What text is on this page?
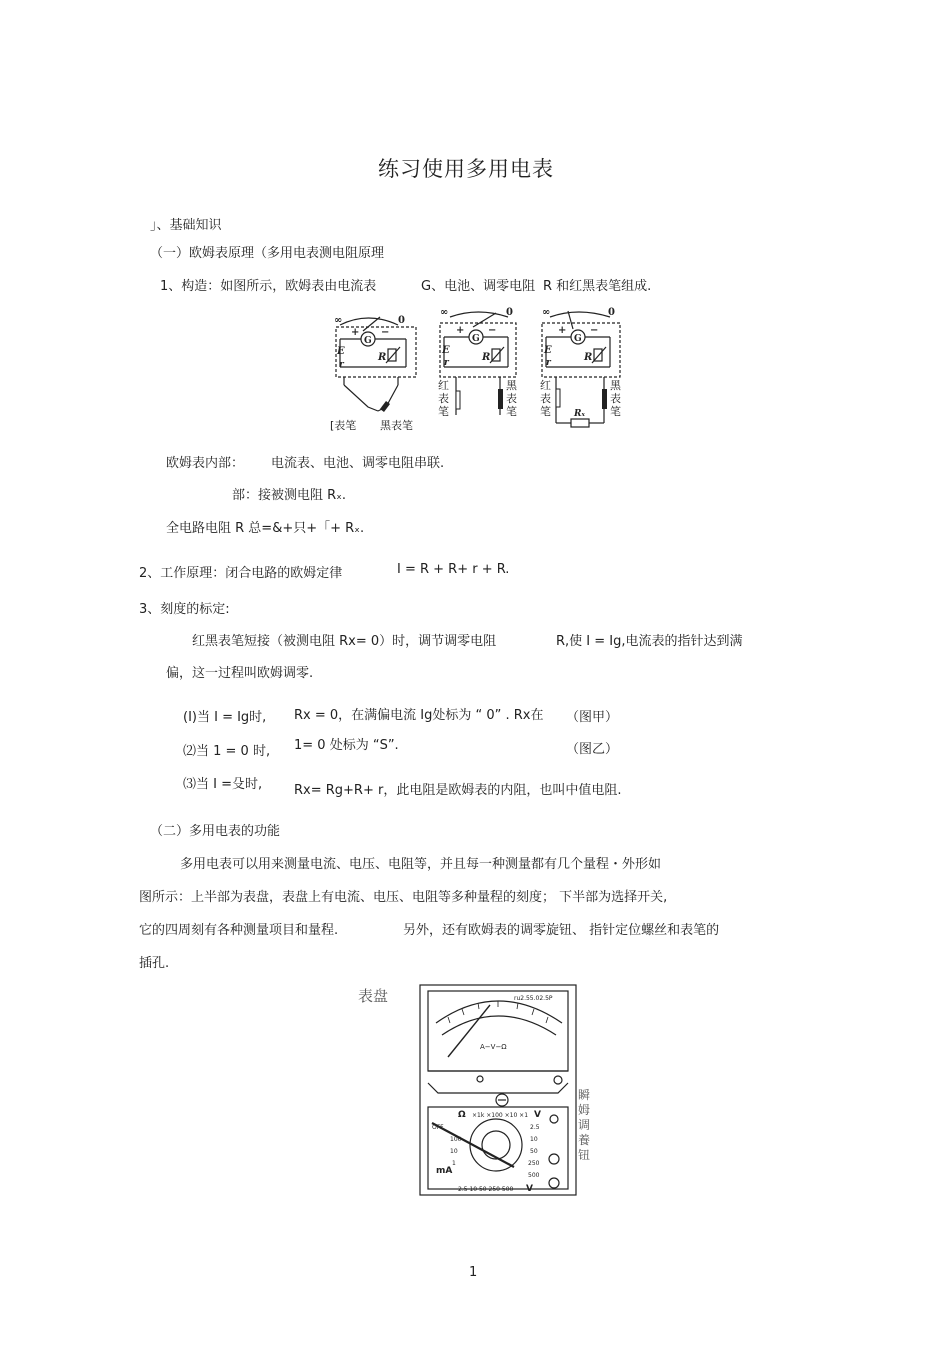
练习使用多用电表
」、基础知识
（一）欧姆表原理（多用电表测电阻原理
1、构造：如图所示，欧姆表由电流表	G、电池、调零电阻 R 和红黑表笔组成.
∞	0
G
+ −
E
r
R
∞	0
G
+ −
E
r	R
∞	0
G
+ −
E
r	R
Rₓ
[表笔 黑表笔
红
表
笔
黑
表
笔
红
表
笔
黑
表
笔
欧姆表内部： 电流表、电池、调零电阻串联.
部：接被测电阻 Rₓ.
全电路电阻 R 总=&+只+「+ Rₓ.
2、工作原理：闭合电路的欧姆定律	I = R + R+ r + R.
3、刻度的标定:
红黑表笔短接（被测电阻 Rx= 0）时，调节调零电阻	R,使 I = Ig,电流表的指针达到满
偏，这一过程叫欧姆调零.
(I)当 I = Ig时, Rx = 0，在满偏电流 Ig处标为 “ 0” . Rx在 （图甲）
⑵当 1 = 0 时, 1= 0 处标为 “S”.	（图乙）
⑶当 I =殳时, Rx= Rg+R+ r，此电阻是欧姆表的内阻，也叫中值电阻.
（二）多用电表的功能
多用电表可以用来测量电流、电压、电阻等，并且每一种测量都有几个量程・外形如
图所示：上半部为表盘，表盘上有电流、电压、电阻等多种量程的刻度； 下半部为选择开关,
它的四周刻有各种测量项目和量程.	另外，还有欧姆表的调零旋钮、 指针定位螺丝和表笔的
插孔.
表盘	ru2.55.02.5P
A−V−Ω
Ω ×1k ×100 ×10 ×1
OFF
100
10
1
mA
2.5
10
50
250
500
V
2.5 10 50 250 500 V
瞬
姆
调
養
钮
1
